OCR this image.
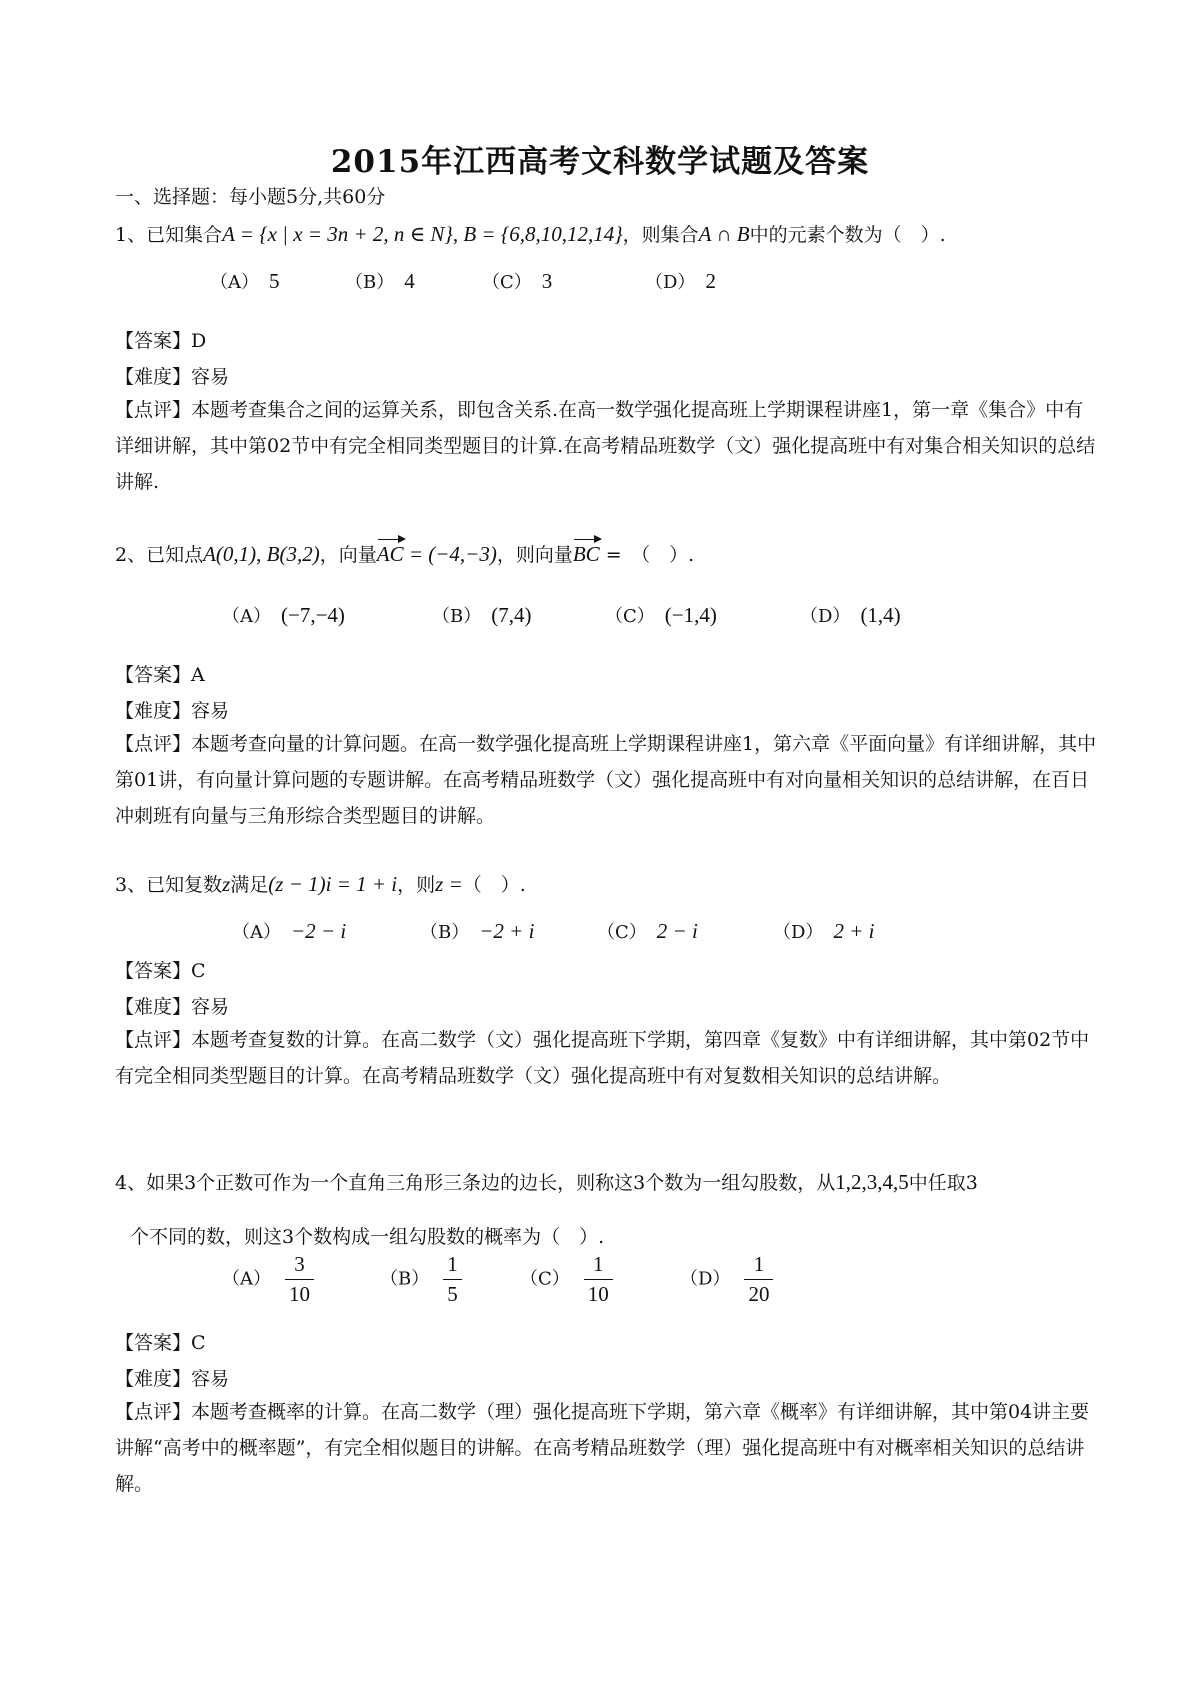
2015年江西高考文科数学试题及答案
一、选择题：每小题5分,共60分
1、已知集合A = {x | x = 3n + 2, n ∈ N}, B = {6,8,10,12,14}，则集合A ∩ B中的元素个数为（　）.
（A） 5	（B） 4	（C） 3	（D） 2
【答案】D
【难度】容易
【点评】本题考查集合之间的运算关系，即包含关系.在高一数学强化提高班上学期课程讲座1，第一章《集合》中有详细讲解，其中第02节中有完全相同类型题目的计算.在高考精品班数学（文）强化提高班中有对集合相关知识的总结讲解.
2、已知点A(0,1), B(3,2)，向量AC = (−4,−3)，则向量BC =　（　）.
（A） (−7,−4)	（B） (7,4)	（C） (−1,4)	（D） (1,4)
【答案】A
【难度】容易
【点评】本题考查向量的计算问题。在高一数学强化提高班上学期课程讲座1，第六章《平面向量》有详细讲解，其中第01讲，有向量计算问题的专题讲解。在高考精品班数学（文）强化提高班中有对向量相关知识的总结讲解，在百日冲刺班有向量与三角形综合类型题目的讲解。
3、已知复数z满足(z − 1)i = 1 + i，则z =（　）.
（A） −2 − i	（B） −2 + i	（C） 2 − i	（D） 2 + i
【答案】C
【难度】容易
【点评】本题考查复数的计算。在高二数学（文）强化提高班下学期，第四章《复数》中有详细讲解，其中第02节中有完全相同类型题目的计算。在高考精品班数学（文）强化提高班中有对复数相关知识的总结讲解。
4、如果3个正数可作为一个直角三角形三条边的边长，则称这3个数为一组勾股数，从1,2,3,4,5中任取3
个不同的数，则这3个数构成一组勾股数的概率为（　）.
$(A) \frac{3}{10}$	$(B) \frac{1}{5}$	$(C) \frac{1}{10}$	$(D) \frac{1}{20}$
【答案】C
【难度】容易
【点评】本题考查概率的计算。在高二数学（理）强化提高班下学期，第六章《概率》有详细讲解，其中第04讲主要讲解“高考中的概率题”，有完全相似题目的讲解。在高考精品班数学（理）强化提高班中有对概率相关知识的总结讲解。
